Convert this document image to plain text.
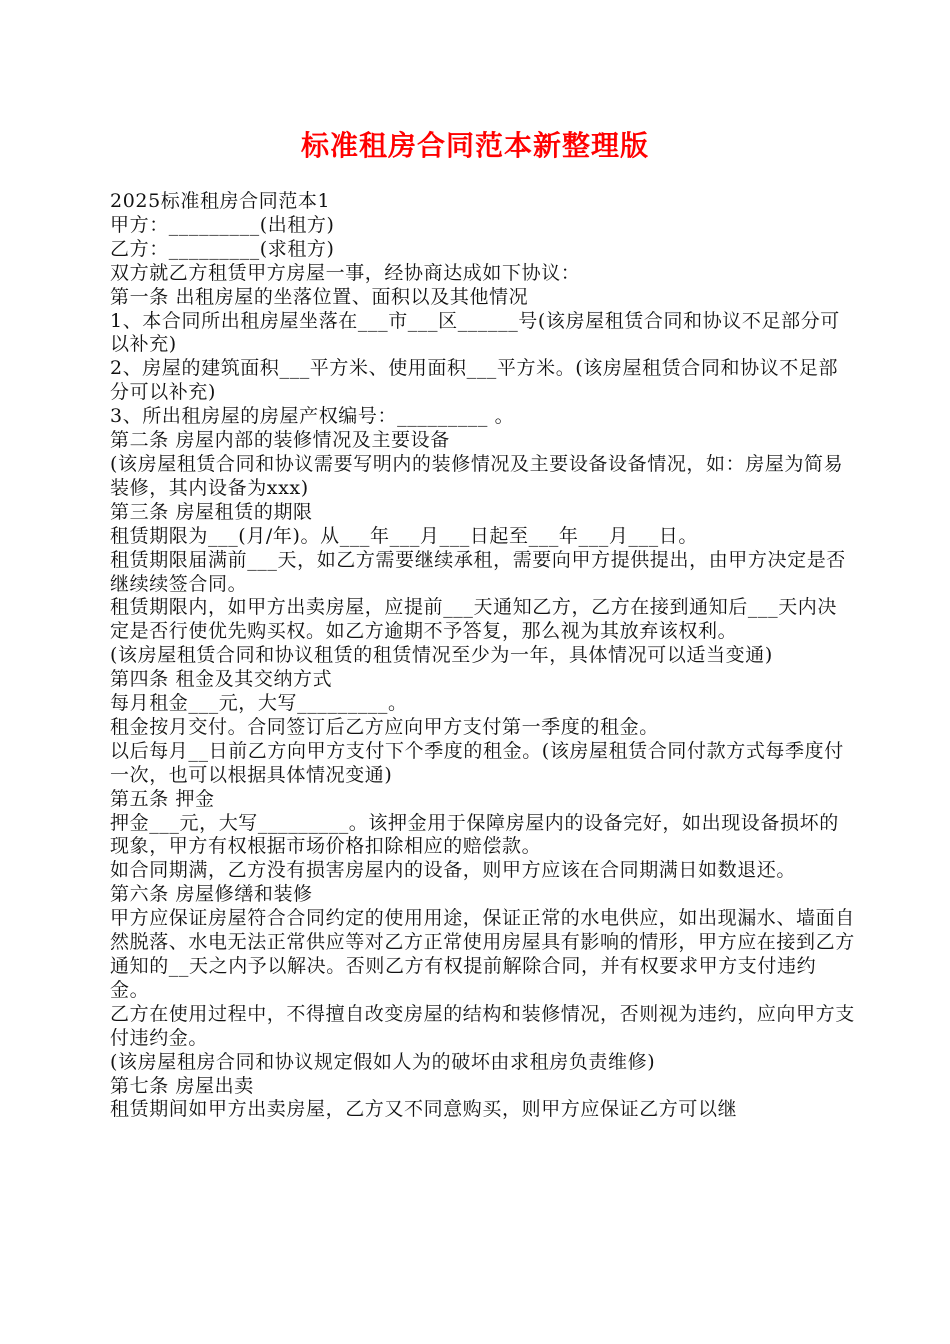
标准租房合同范本新整理版

2025标准租房合同范本1

甲方：_________(出租方)

乙方：_________(求租方)

双方就乙方租赁甲方房屋一事，经协商达成如下协议：

第一条 出租房屋的坐落位置、面积以及其他情况

1、本合同所出租房屋坐落在___市___区______号(该房屋租赁合同和协议不足部分可以补充)

2、房屋的建筑面积___平方米、使用面积___平方米。(该房屋租赁合同和协议不足部分可以补充)

3、所出租房屋的房屋产权编号：_________ 。

第二条 房屋内部的装修情况及主要设备

(该房屋租赁合同和协议需要写明内的装修情况及主要设备设备情况，如：房屋为简易装修，其内设备为xxx)

第三条 房屋租赁的期限

租赁期限为___(月/年)。从___年___月___日起至___年___月___日。

租赁期限届满前___天，如乙方需要继续承租，需要向甲方提供提出，由甲方决定是否继续续签合同。

租赁期限内，如甲方出卖房屋，应提前___天通知乙方，乙方在接到通知后___天内决定是否行使优先购买权。如乙方逾期不予答复，那么视为其放弃该权利。

(该房屋租赁合同和协议租赁的租赁情况至少为一年，具体情况可以适当变通)

第四条 租金及其交纳方式

每月租金___元，大写_________。

租金按月交付。合同签订后乙方应向甲方支付第一季度的租金。

以后每月__日前乙方向甲方支付下个季度的租金。(该房屋租赁合同付款方式每季度付一次，也可以根据具体情况变通)

第五条 押金

押金___元，大写_________。该押金用于保障房屋内的设备完好，如出现设备损坏的现象，甲方有权根据市场价格扣除相应的赔偿款。

如合同期满，乙方没有损害房屋内的设备，则甲方应该在合同期满日如数退还。

第六条 房屋修缮和装修

甲方应保证房屋符合合同约定的使用用途，保证正常的水电供应，如出现漏水、墙面自然脱落、水电无法正常供应等对乙方正常使用房屋具有影响的情形，甲方应在接到乙方通知的__天之内予以解决。否则乙方有权提前解除合同，并有权要求甲方支付违约金。

乙方在使用过程中，不得擅自改变房屋的结构和装修情况，否则视为违约，应向甲方支付违约金。

(该房屋租房合同和协议规定假如人为的破坏由求租房负责维修)

第七条 房屋出卖

租赁期间如甲方出卖房屋，乙方又不同意购买，则甲方应保证乙方可以继
